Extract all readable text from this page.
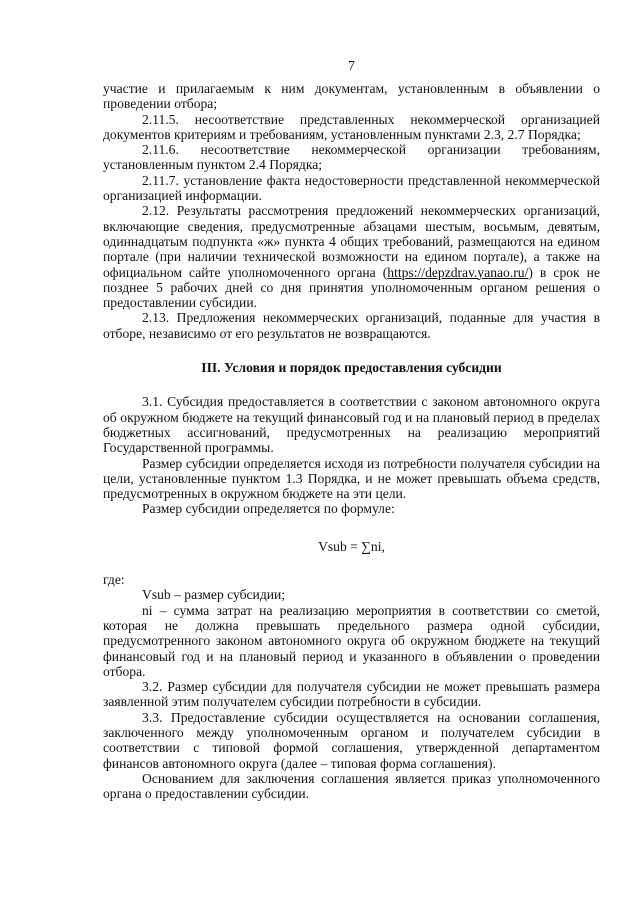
7

участие и прилагаемым к ним документам, установленным в объявлении о проведении отбора;

2.11.5. несоответствие представленных некоммерческой организацией документов критериям и требованиям, установленным пунктами 2.3, 2.7 Порядка;

2.11.6. несоответствие некоммерческой организации требованиям, установленным пунктом 2.4 Порядка;

2.11.7. установление факта недостоверности представленной некоммерческой организацией информации.

2.12. Результаты рассмотрения предложений некоммерческих организаций, включающие сведения, предусмотренные абзацами шестым, восьмым, девятым, одиннадцатым подпункта «ж» пункта 4 общих требований, размещаются на едином портале (при наличии технической возможности на едином портале), а также на официальном сайте уполномоченного органа (https://depzdrav.yanao.ru/) в срок не позднее 5 рабочих дней со дня принятия уполномоченным органом решения о предоставлении субсидии.

2.13. Предложения некоммерческих организаций, поданные для участия в отборе, независимо от его результатов не возвращаются.

III. Условия и порядок предоставления субсидии

3.1. Субсидия предоставляется в соответствии с законом автономного округа об окружном бюджете на текущий финансовый год и на плановый период в пределах бюджетных ассигнований, предусмотренных на реализацию мероприятий Государственной программы.

Размер субсидии определяется исходя из потребности получателя субсидии на цели, установленные пунктом 1.3 Порядка, и не может превышать объема средств, предусмотренных в окружном бюджете на эти цели.

Размер субсидии определяется по формуле:

Vsub = ∑ni,

где:

Vsub – размер субсидии;

ni – сумма затрат на реализацию мероприятия в соответствии со сметой, которая не должна превышать предельного размера одной субсидии, предусмотренного законом автономного округа об окружном бюджете на текущий финансовый год и на плановый период и указанного в объявлении о проведении отбора.

3.2. Размер субсидии для получателя субсидии не может превышать размера заявленной этим получателем субсидии потребности в субсидии.

3.3. Предоставление субсидии осуществляется на основании соглашения, заключенного между уполномоченным органом и получателем субсидии в соответствии с типовой формой соглашения, утвержденной департаментом финансов автономного округа (далее – типовая форма соглашения).

Основанием для заключения соглашения является приказ уполномоченного органа о предоставлении субсидии.
